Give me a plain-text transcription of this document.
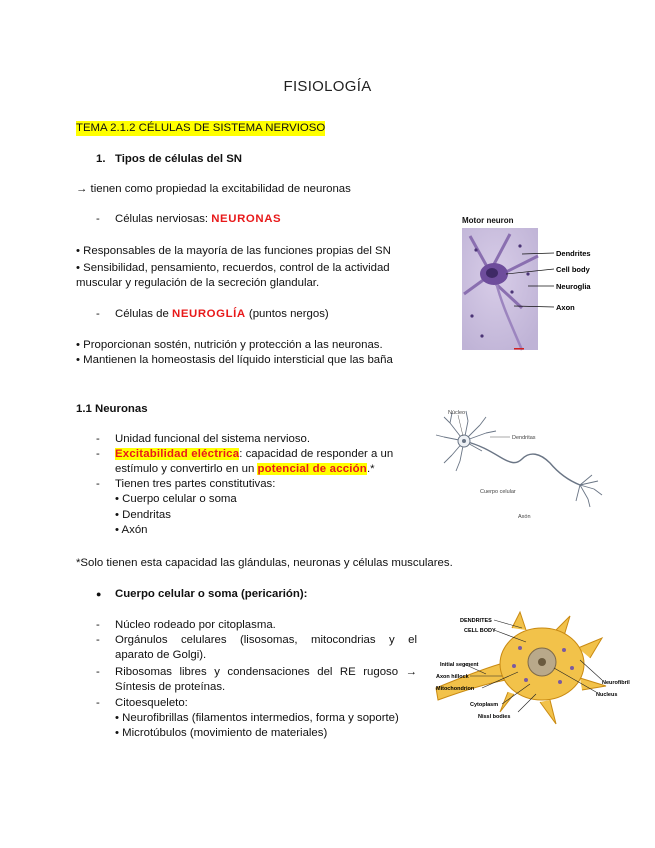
FISIOLOGÍA
TEMA 2.1.2 CÉLULAS DE SISTEMA NERVIOSO
1. Tipos de células del SN
→ tienen como propiedad la excitabilidad de neuronas
- Células nerviosas: NEURONAS
• Responsables de la mayoría de las funciones propias del SN
• Sensibilidad, pensamiento, recuerdos, control de la actividad
muscular y regulación de la secreción glandular.
- Células de NEUROGLÍA (puntos nergos)
• Proporcionan sostén, nutrición y protección a las neuronas.
• Mantienen la homeostasis del líquido intersticial que las baña
Motor neuron
Dendrites
Cell body
Neuroglia
Axon
1.1 Neuronas
- Unidad funcional del sistema nervioso.
- Excitabilidad eléctrica: capacidad de responder a un
estímulo y convertirlo en un potencial de acción.*
- Tienen tres partes constitutivas:
• Cuerpo celular o soma
• Dendritas
• Axón
Núcleo
Dendritas
Cuerpo celular
Axón
*Solo tienen esta capacidad las glándulas, neuronas y células musculares.
● Cuerpo celular o soma (pericarión):
- Núcleo rodeado por citoplasma.
- Orgánulos celulares (lisosomas, mitocondrias y el
aparato de Golgi).
- Ribosomas libres y condensaciones del RE rugoso →
Síntesis de proteínas.
- Citoesqueleto:
• Neurofibrillas (filamentos intermedios, forma y soporte)
• Microtúbulos (movimiento de materiales)
DENDRITES
CELL BODY
Initial segment
Axon hillock
Mitochondrion
Cytoplasm
Nissl bodies
Neurofibril
Nucleus
